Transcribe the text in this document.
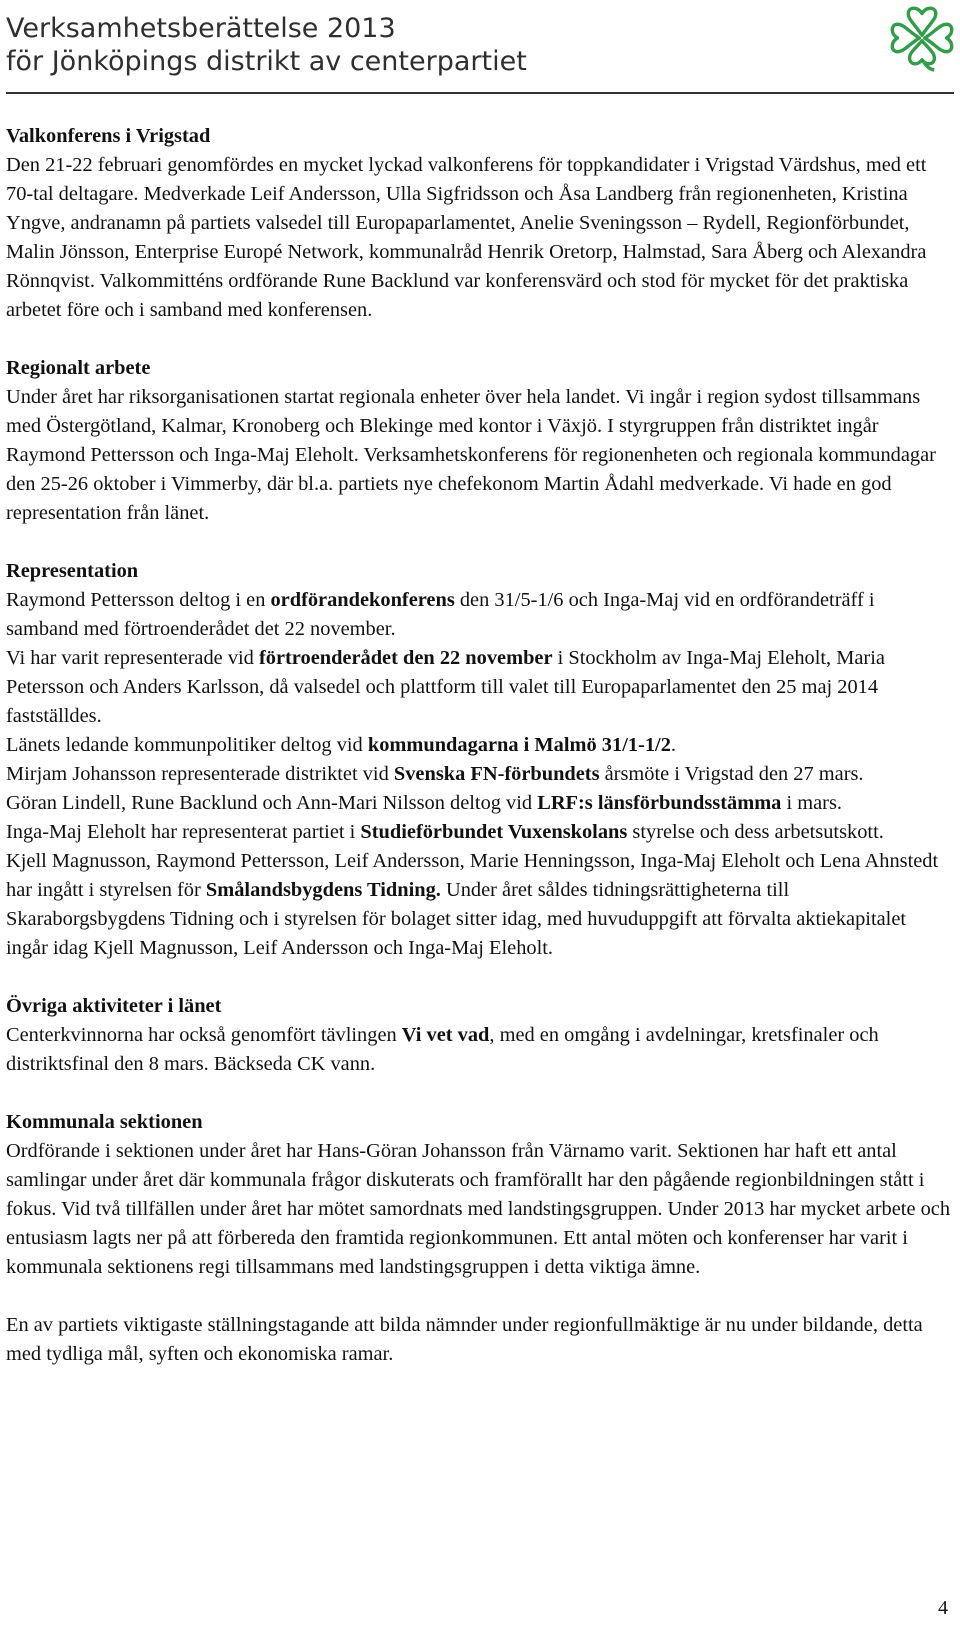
Verksamhetsberättelse 2013
för Jönköpings distrikt av centerpartiet
Valkonferens i Vrigstad
Den 21-22 februari genomfördes en mycket lyckad valkonferens för toppkandidater i Vrigstad Värdshus, med ett 70-tal deltagare. Medverkade Leif Andersson, Ulla Sigfridsson och Åsa Landberg från regionenheten, Kristina Yngve, andranamn på partiets valsedel till Europaparlamentet, Anelie Sveningsson – Rydell, Regionförbundet, Malin Jönsson, Enterprise Europé Network, kommunalråd Henrik Oretorp, Halmstad, Sara Åberg och Alexandra Rönnqvist. Valkommitténs ordförande Rune Backlund var konferensvärd och stod för mycket för det praktiska arbetet före och i samband med konferensen.
Regionalt arbete
Under året har riksorganisationen startat regionala enheter över hela landet. Vi ingår i region sydost tillsammans med Östergötland, Kalmar, Kronoberg och Blekinge med kontor i Växjö. I styrgruppen från distriktet ingår Raymond Pettersson och Inga-Maj Eleholt. Verksamhetskonferens för regionenheten och regionala kommundagar den 25-26 oktober i Vimmerby, där bl.a. partiets nye chefekonom Martin Ådahl medverkade. Vi hade en god representation från länet.
Representation
Raymond Pettersson deltog i en ordförandekonferens den 31/5-1/6 och Inga-Maj vid en ordförandeträff i samband med förtroenderådet det 22 november.
Vi har varit representerade vid förtroenderådet den 22 november i Stockholm av Inga-Maj Eleholt, Maria Petersson och Anders Karlsson, då valsedel och plattform till valet till Europaparlamentet den 25 maj 2014 fastställdes.
Länets ledande kommunpolitiker deltog vid kommundagarna i Malmö 31/1-1/2.
Mirjam Johansson representerade distriktet vid Svenska FN-förbundets årsmöte i Vrigstad den 27 mars.
Göran Lindell, Rune Backlund och Ann-Mari Nilsson deltog vid LRF:s länsförbundsstämma i mars.
Inga-Maj Eleholt har representerat partiet i Studieförbundet Vuxenskolans styrelse och dess arbetsutskott.
Kjell Magnusson, Raymond Pettersson, Leif Andersson, Marie Henningsson, Inga-Maj Eleholt och Lena Ahnstedt har ingått i styrelsen för Smålandsbygdens Tidning. Under året såldes tidningsrättigheterna till Skaraborgsbygdens Tidning och i styrelsen för bolaget sitter idag, med huvuduppgift att förvalta aktiekapitalet ingår idag Kjell Magnusson, Leif Andersson och Inga-Maj Eleholt.
Övriga aktiviteter i länet
Centerkvinnorna har också genomfört tävlingen Vi vet vad, med en omgång i avdelningar, kretsfinaler och distriktsfinal den 8 mars. Bäckseda CK vann.
Kommunala sektionen
Ordförande i sektionen under året har Hans-Göran Johansson från Värnamo varit. Sektionen har haft ett antal samlingar under året där kommunala frågor diskuterats och framförallt har den pågående regionbildningen stått i fokus. Vid två tillfällen under året har mötet samordnats med landstingsgruppen. Under 2013 har mycket arbete och entusiasm lagts ner på att förbereda den framtida regionkommunen. Ett antal möten och konferenser har varit i kommunala sektionens regi tillsammans med landstingsgruppen i detta viktiga ämne.
En av partiets viktigaste ställningstagande att bilda nämnder under regionfullmäktige är nu under bildande, detta med tydliga mål, syften och ekonomiska ramar.
4
